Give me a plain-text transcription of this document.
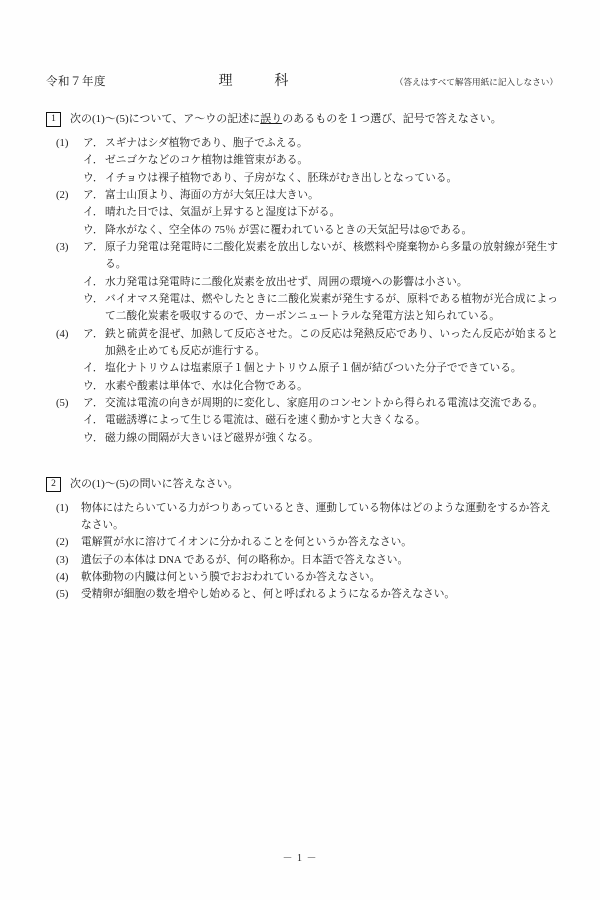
令和７年度	理　科	（答えはすべて解答用紙に記入しなさい）
1	次の(1)～(5)について、ア～ウの記述に誤りのあるものを１つ選び、記号で答えなさい。
(1)	ア． スギナはシダ植物であり、胞子でふえる。
イ． ゼニゴケなどのコケ植物は維管束がある。
ウ． イチョウは裸子植物であり、子房がなく、胚珠がむき出しとなっている。
(2)	ア． 富士山頂より、海面の方が大気圧は大きい。
イ． 晴れた日では、気温が上昇すると湿度は下がる。
ウ． 降水がなく、空全体の 75％ が雲に覆われているときの天気記号は◎である。
(3)	ア． 原子力発電は発電時に二酸化炭素を放出しないが、核燃料や廃棄物から多量の放射線が発生する。
イ． 水力発電は発電時に二酸化炭素を放出せず、周囲の環境への影響は小さい。
ウ． バイオマス発電は、燃やしたときに二酸化炭素が発生するが、原料である植物が光合成によって二酸化炭素を吸収するので、カーボンニュートラルな発電方法と知られている。
(4)	ア． 鉄と硫黄を混ぜ、加熱して反応させた。この反応は発熱反応であり、いったん反応が始まると加熱を止めても反応が進行する。
イ． 塩化ナトリウムは塩素原子１個とナトリウム原子１個が結びついた分子でできている。
ウ． 水素や酸素は単体で、水は化合物である。
(5)	ア． 交流は電流の向きが周期的に変化し、家庭用のコンセントから得られる電流は交流である。
イ． 電磁誘導によって生じる電流は、磁石を速く動かすと大きくなる。
ウ． 磁力線の間隔が大きいほど磁界が強くなる。
2	次の(1)～(5)の問いに答えなさい。
(1)	物体にはたらいている力がつりあっているとき、運動している物体はどのような運動をするか答えなさい。
(2)	電解質が水に溶けてイオンに分かれることを何というか答えなさい。
(3)	遺伝子の本体は DNA であるが、何の略称か。日本語で答えなさい。
(4)	軟体動物の内臓は何という膜でおおわれているか答えなさい。
(5)	受精卵が細胞の数を増やし始めると、何と呼ばれるようになるか答えなさい。
－ 1 －
